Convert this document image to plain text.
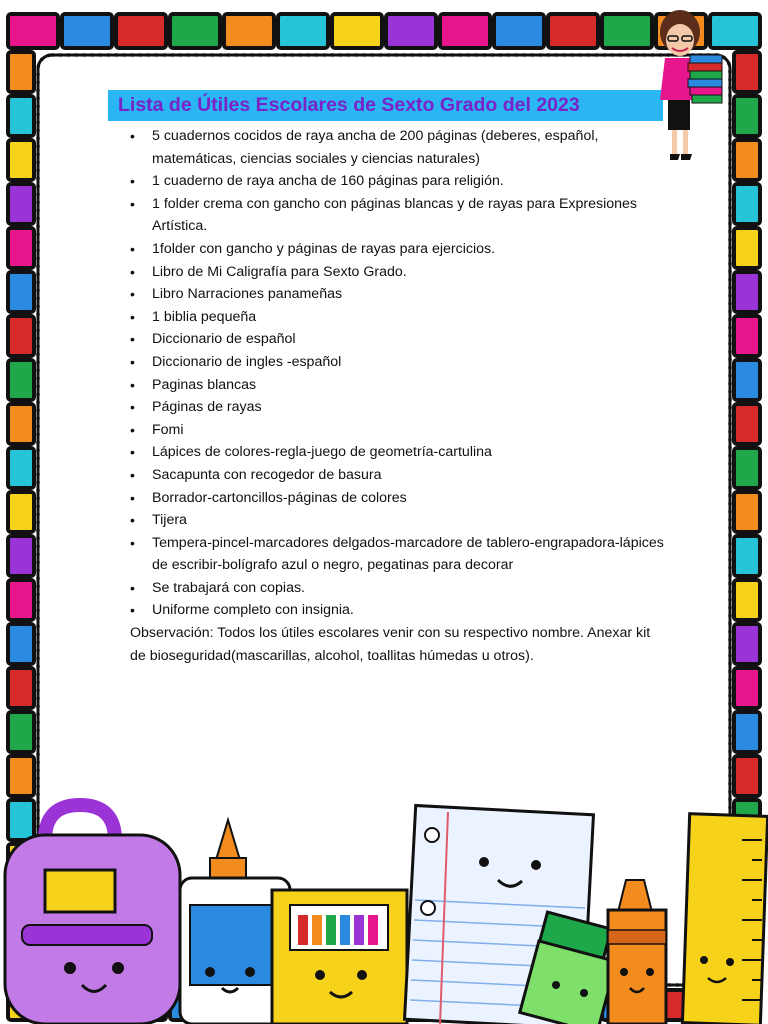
Lista de Útiles Escolares de Sexto Grado del 2023
• 5 cuadernos cocidos de raya ancha de 200 páginas (deberes, español, matemáticas, ciencias sociales y ciencias naturales)
• 1 cuaderno de raya ancha de 160 páginas para religión.
• 1 folder crema con gancho con páginas blancas y de rayas para Expresiones Artística.
• 1folder con gancho y páginas de rayas para ejercicios.
• Libro de Mi Caligrafía para Sexto Grado.
• Libro Narraciones panameñas
• 1 biblia pequeña
• Diccionario de español
• Diccionario de ingles -español
• Paginas blancas
• Páginas de rayas
• Fomi
• Lápices de colores-regla-juego de geometría-cartulina
• Sacapunta con recogedor de basura
• Borrador-cartoncillos-páginas de colores
• Tijera
• Tempera-pincel-marcadores delgados-marcadore de tablero-engrapadora-lápices de escribir-bolígrafo azul o negro, pegatinas para decorar
• Se trabajará con copias.
• Uniforme completo con insignia.

Observación: Todos los útiles escolares venir con su respectivo nombre. Anexar kit de bioseguridad(mascarillas, alcohol, toallitas húmedas u otros).
